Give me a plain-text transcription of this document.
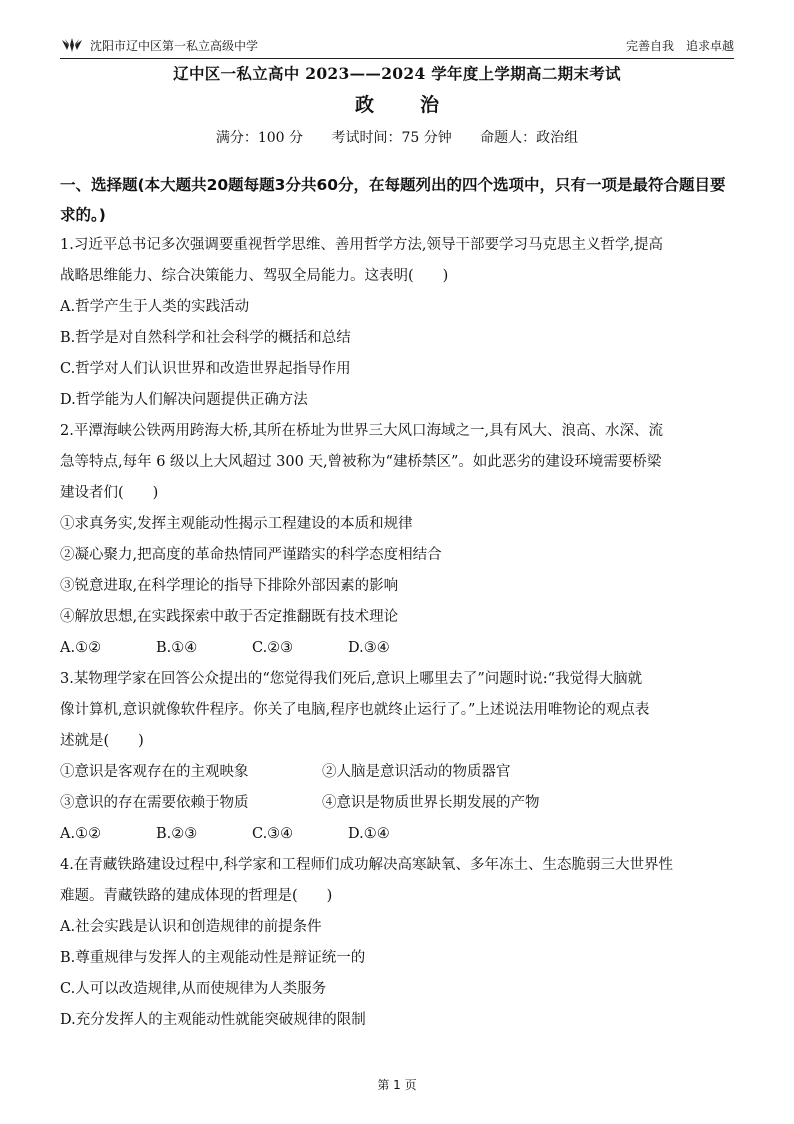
沈阳市辽中区第一私立高级中学	完善自我　追求卓越
辽中区一私立高中 2023——2024 学年度上学期高二期末考试
政 治
满分：100 分 考试时间：75 分钟 命题人：政治组

一、选择题(本大题共20题每题3分共60分，在每题列出的四个选项中，只有一项是最符合题目要

求的。)

1.习近平总书记多次强调要重视哲学思维、善用哲学方法,领导干部要学习马克思主义哲学,提高

战略思维能力、综合决策能力、驾驭全局能力。这表明(　　)

A.哲学产生于人类的实践活动

B.哲学是对自然科学和社会科学的概括和总结

C.哲学对人们认识世界和改造世界起指导作用

D.哲学能为人们解决问题提供正确方法

2.平潭海峡公铁两用跨海大桥,其所在桥址为世界三大风口海域之一,具有风大、浪高、水深、流

急等特点,每年 6 级以上大风超过 300 天,曾被称为“建桥禁区”。如此恶劣的建设环境需要桥梁

建设者们(　　)

①求真务实,发挥主观能动性揭示工程建设的本质和规律

②凝心聚力,把高度的革命热情同严谨踏实的科学态度相结合

③锐意进取,在科学理论的指导下排除外部因素的影响

④解放思想,在实践探索中敢于否定推翻既有技术理论

A.①②	B.①④	C.②③	D.③④

3.某物理学家在回答公众提出的“您觉得我们死后,意识上哪里去了”问题时说:“我觉得大脑就

像计算机,意识就像软件程序。你关了电脑,程序也就终止运行了。”上述说法用唯物论的观点表

述就是(　　)

①意识是客观存在的主观映象	②人脑是意识活动的物质器官
③意识的存在需要依赖于物质	④意识是物质世界长期发展的产物
A.①②	B.②③	C.③④	D.①④

4.在青藏铁路建设过程中,科学家和工程师们成功解决高寒缺氧、多年冻土、生态脆弱三大世界性

难题。青藏铁路的建成体现的哲理是(　　)

A.社会实践是认识和创造规律的前提条件

B.尊重规律与发挥人的主观能动性是辩证统一的

C.人可以改造规律,从而使规律为人类服务

D.充分发挥人的主观能动性就能突破规律的限制

第 1 页
